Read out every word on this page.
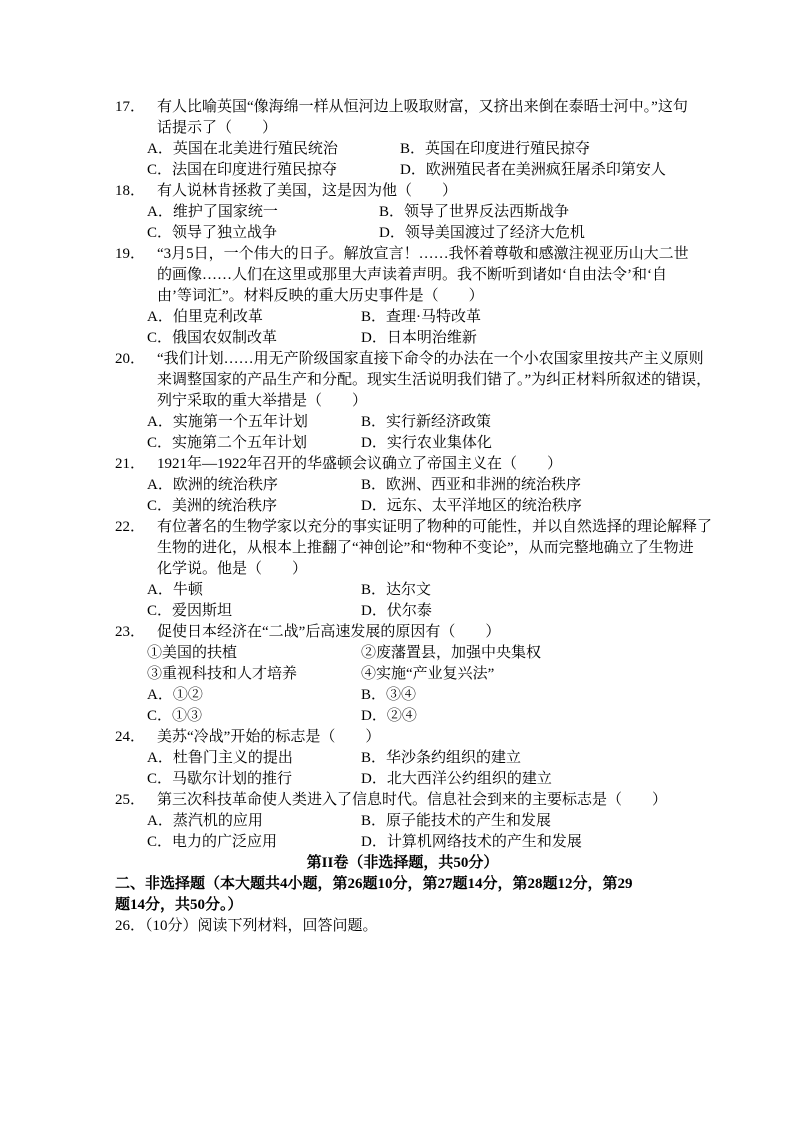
17． 有人比喻英国“像海绵一样从恒河边上吸取财富，又挤出来倒在泰晤士河中。”这句
话提示了（　　）
A．英国在北美进行殖民统治	B．英国在印度进行殖民掠夺
C．法国在印度进行殖民掠夺	D．欧洲殖民者在美洲疯狂屠杀印第安人
18． 有人说林肯拯救了美国，这是因为他（　　）
A．维护了国家统一	B．领导了世界反法西斯战争
C．领导了独立战争	D．领导美国渡过了经济大危机
19． “3月5日，一个伟大的日子。解放宣言！……我怀着尊敬和感激注视亚历山大二世
的画像……人们在这里或那里大声读着声明。我不断听到诸如‘自由法令’和‘自
由’等词汇”。材料反映的重大历史事件是（　　）
A．伯里克利改革	B．查理·马特改革
C．俄国农奴制改革	D．日本明治维新
20． “我们计划……用无产阶级国家直接下命令的办法在一个小农国家里按共产主义原则
来调整国家的产品生产和分配。现实生活说明我们错了。”为纠正材料所叙述的错误，
列宁采取的重大举措是（　　）
A．实施第一个五年计划	B．实行新经济政策
C．实施第二个五年计划	D．实行农业集体化
21． 1921年—1922年召开的华盛顿会议确立了帝国主义在（　　）
A．欧洲的统治秩序	B．欧洲、西亚和非洲的统治秩序
C．美洲的统治秩序	D．远东、太平洋地区的统治秩序
22． 有位著名的生物学家以充分的事实证明了物种的可能性，并以自然选择的理论解释了
生物的进化，从根本上推翻了“神创论”和“物种不变论”，从而完整地确立了生物进
化学说。他是（　　）
A．牛顿	B．达尔文
C．爱因斯坦	D．伏尔泰
23． 促使日本经济在“二战”后高速发展的原因有（　　）
①美国的扶植	②废藩置县，加强中央集权
③重视科技和人才培养	④实施“产业复兴法”
A．①②	B．③④
C．①③	D．②④
24． 美苏“冷战”开始的标志是（　　）
A．杜鲁门主义的提出	B．华沙条约组织的建立
C．马歇尔计划的推行	D．北大西洋公约组织的建立
25． 第三次科技革命使人类进入了信息时代。信息社会到来的主要标志是（　　）
A．蒸汽机的应用	B．原子能技术的产生和发展
C．电力的广泛应用	D．计算机网络技术的产生和发展
第II卷（非选择题，共50分）
二、非选择题（本大题共4小题，第26题10分，第27题14分，第28题12分，第29
题14分，共50分。）
26．（10分）阅读下列材料，回答问题。
